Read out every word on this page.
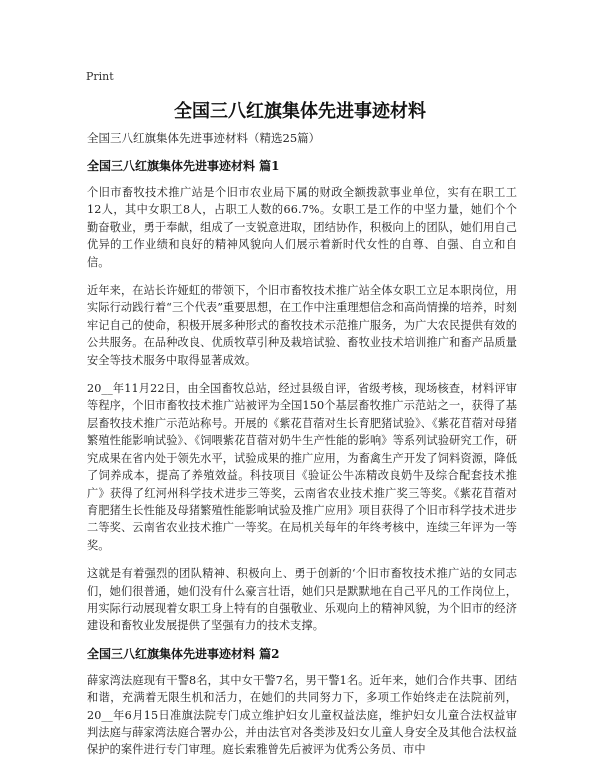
Print
全国三八红旗集体先进事迹材料

全国三八红旗集体先进事迹材料（精选25篇）

全国三八红旗集体先进事迹材料 篇1

个旧市畜牧技术推广站是个旧市农业局下属的财政全额拨款事业单位，实有在职工工12人，其中女职工8人，占职工人数的66.7%。女职工是工作的中坚力量，她们个个勤奋敬业，勇于奉献，组成了一支锐意进取，团结协作，积极向上的团队，她们用自己优异的工作业绩和良好的精神风貌向人们展示着新时代女性的自尊、自强、自立和自信。

近年来，在站长许娅虹的带领下，个旧市畜牧技术推广站全体女职工立足本职岗位，用实际行动践行着“三个代表”重要思想，在工作中注重理想信念和高尚情操的培养，时刻牢记自己的使命，积极开展多种形式的畜牧技术示范推广服务，为广大农民提供有效的公共服务。在品种改良、优质牧草引种及栽培试验、畜牧业技术培训推广和畜产品质量安全等技术服务中取得显著成效。

20__年11月22日，由全国畜牧总站，经过县级自评，省级考核，现场核查，材料评审等程序，个旧市畜牧技术推广站被评为全国150个基层畜牧推广示范站之一，获得了基层畜牧技术推广示范站称号。开展的《紫花苜蓿对生长育肥猪试验》、《紫花苜蓿对母猪繁殖性能影响试验》、《饲喂紫花苜蓿对奶牛生产性能的影响》等系列试验研究工作，研究成果在省内处于领先水平，试验成果的推广应用，为畜禽生产开发了饲料资源，降低了饲养成本，提高了养殖效益。科技项目《验证公牛冻精改良奶牛及综合配套技术推广》获得了红河州科学技术进步三等奖，云南省农业技术推广奖三等奖。《紫花苜蓿对育肥猪生长性能及母猪繁殖性能影响试验及推广应用》项目获得了个旧市科学技术进步二等奖、云南省农业技术推广一等奖。在局机关每年的年终考核中，连续三年评为一等奖。

这就是有着强烈的团队精神、积极向上、勇于创新的‘个旧市畜牧技术推广站的女同志们，她们很普通，她们没有什么豪言壮语，她们只是默默地在自己平凡的工作岗位上，用实际行动展现着女职工身上特有的自强敬业、乐观向上的精神风貌，为个旧市的经济建设和畜牧业发展提供了坚强有力的技术支撑。

全国三八红旗集体先进事迹材料 篇2

薛家湾法庭现有干警8名，其中女干警7名，男干警1名。近年来，她们合作共事、团结和谐，充满着无限生机和活力，在她们的共同努力下，多项工作始终走在法院前列，20__年6月15日准旗法院专门成立维护妇女儿童权益法庭，维护妇女儿童合法权益审判法庭与薛家湾法庭合署办公，并由法官对各类涉及妇女儿童人身安全及其他合法权益保护的案件进行专门审理。庭长索雅曾先后被评为优秀公务员、市中
